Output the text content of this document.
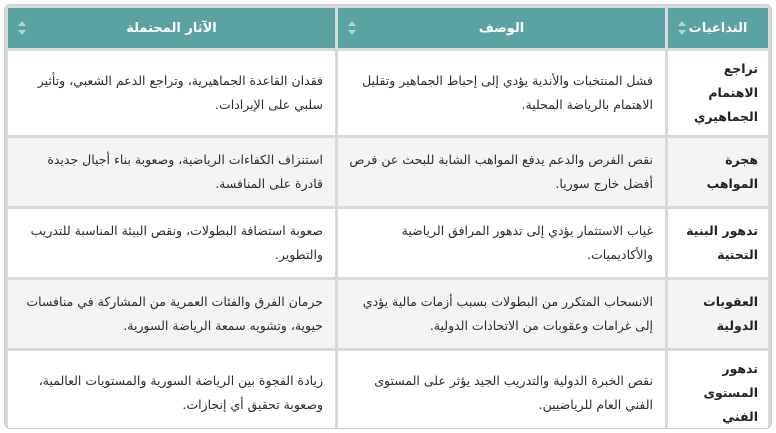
التداعيات	الوصف	الآثار المحتملة

تراجع الاهتمام الجماهيري	فشل المنتخبات والأندية يؤدي إلى إحباط الجماهير وتقليل الاهتمام بالرياضة المحلية.	فقدان القاعدة الجماهيرية، وتراجع الدعم الشعبي، وتأثير سلبي على الإيرادات.
هجرة المواهب	نقص الفرص والدعم يدفع المواهب الشابة للبحث عن فرص أفضل خارج سوريا.	استنزاف الكفاءات الرياضية، وصعوبة بناء أجيال جديدة قادرة على المنافسة.
تدهور البنية التحتية	غياب الاستثمار يؤدي إلى تدهور المرافق الرياضية والأكاديميات.	صعوبة استضافة البطولات، ونقص البيئة المناسبة للتدريب والتطوير.
العقوبات الدولية	الانسحاب المتكرر من البطولات بسبب أزمات مالية يؤدي إلى غرامات وعقوبات من الاتحادات الدولية.	حرمان الفرق والفئات العمرية من المشاركة في منافسات حيوية، وتشويه سمعة الرياضة السورية.
تدهور المستوى الفني	نقص الخبرة الدولية والتدريب الجيد يؤثر على المستوى الفني العام للرياضيين.	زيادة الفجوة بين الرياضة السورية والمستويات العالمية، وصعوبة تحقيق أي إنجازات.
